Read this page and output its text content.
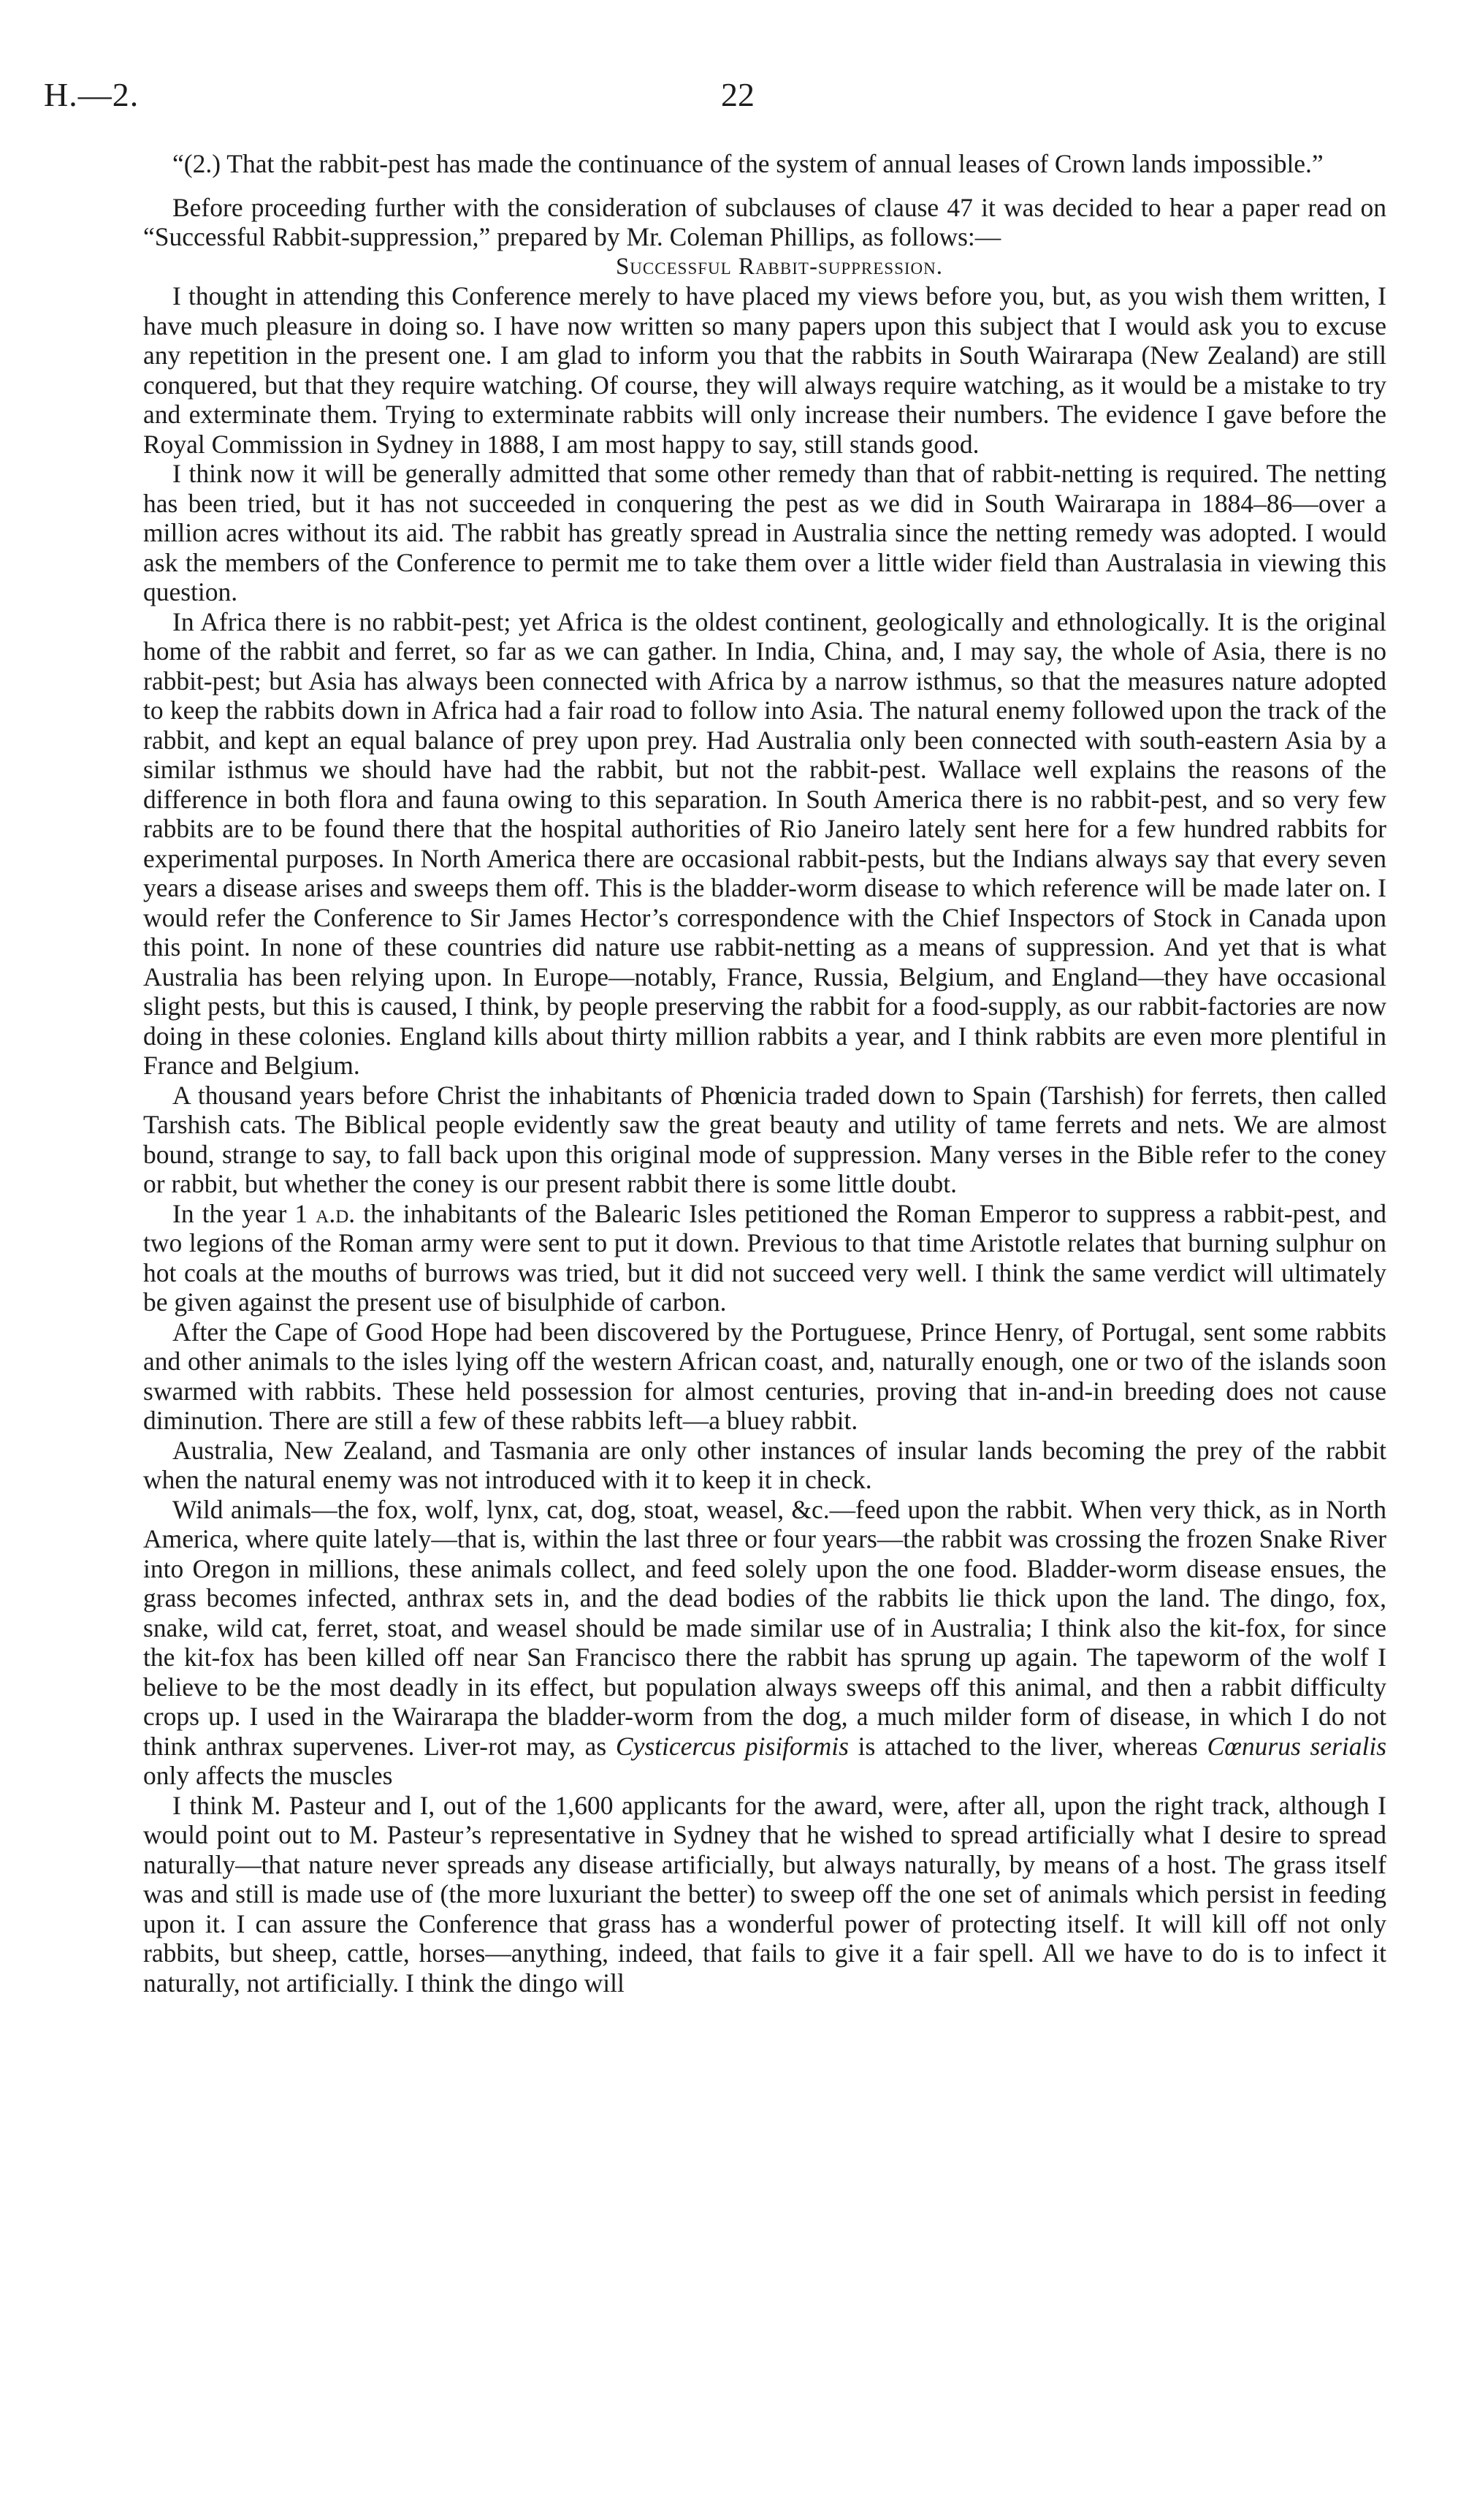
H.—2.	22

“(2.) That the rabbit-pest has made the continuance of the system of annual leases of Crown lands impossible.”

Before proceeding further with the consideration of subclauses of clause 47 it was decided to hear a paper read on “Successful Rabbit-suppression,” prepared by Mr. Coleman Phillips, as follows:—

Successful Rabbit-suppression.

I thought in attending this Conference merely to have placed my views before you, but, as you wish them written, I have much pleasure in doing so. I have now written so many papers upon this subject that I would ask you to excuse any repetition in the present one. I am glad to inform you that the rabbits in South Wairarapa (New Zealand) are still conquered, but that they require watching. Of course, they will always require watching, as it would be a mistake to try and exterminate them. Trying to exterminate rabbits will only increase their numbers. The evidence I gave before the Royal Commission in Sydney in 1888, I am most happy to say, still stands good.

I think now it will be generally admitted that some other remedy than that of rabbit-netting is required. The netting has been tried, but it has not succeeded in conquering the pest as we did in South Wairarapa in 1884–86—over a million acres without its aid. The rabbit has greatly spread in Australia since the netting remedy was adopted. I would ask the members of the Conference to permit me to take them over a little wider field than Australasia in viewing this question.

In Africa there is no rabbit-pest; yet Africa is the oldest continent, geologically and ethnologically. It is the original home of the rabbit and ferret, so far as we can gather. In India, China, and, I may say, the whole of Asia, there is no rabbit-pest; but Asia has always been connected with Africa by a narrow isthmus, so that the measures nature adopted to keep the rabbits down in Africa had a fair road to follow into Asia. The natural enemy followed upon the track of the rabbit, and kept an equal balance of prey upon prey. Had Australia only been connected with south-eastern Asia by a similar isthmus we should have had the rabbit, but not the rabbit-pest. Wallace well explains the reasons of the difference in both flora and fauna owing to this separation. In South America there is no rabbit-pest, and so very few rabbits are to be found there that the hospital authorities of Rio Janeiro lately sent here for a few hundred rabbits for experimental purposes. In North America there are occasional rabbit-pests, but the Indians always say that every seven years a disease arises and sweeps them off. This is the bladder-worm disease to which reference will be made later on. I would refer the Conference to Sir James Hector’s correspondence with the Chief Inspectors of Stock in Canada upon this point. In none of these countries did nature use rabbit-netting as a means of suppression. And yet that is what Australia has been relying upon. In Europe—notably, France, Russia, Belgium, and England—they have occasional slight pests, but this is caused, I think, by people preserving the rabbit for a food-supply, as our rabbit-factories are now doing in these colonies. England kills about thirty million rabbits a year, and I think rabbits are even more plentiful in France and Belgium.

A thousand years before Christ the inhabitants of Phœnicia traded down to Spain (Tarshish) for ferrets, then called Tarshish cats. The Biblical people evidently saw the great beauty and utility of tame ferrets and nets. We are almost bound, strange to say, to fall back upon this original mode of suppression. Many verses in the Bible refer to the coney or rabbit, but whether the coney is our present rabbit there is some little doubt.

In the year 1 a.d. the inhabitants of the Balearic Isles petitioned the Roman Emperor to suppress a rabbit-pest, and two legions of the Roman army were sent to put it down. Previous to that time Aristotle relates that burning sulphur on hot coals at the mouths of burrows was tried, but it did not succeed very well. I think the same verdict will ultimately be given against the present use of bisulphide of carbon.

After the Cape of Good Hope had been discovered by the Portuguese, Prince Henry, of Portugal, sent some rabbits and other animals to the isles lying off the western African coast, and, naturally enough, one or two of the islands soon swarmed with rabbits. These held possession for almost centuries, proving that in-and-in breeding does not cause diminution. There are still a few of these rabbits left—a bluey rabbit.

Australia, New Zealand, and Tasmania are only other instances of insular lands becoming the prey of the rabbit when the natural enemy was not introduced with it to keep it in check.

Wild animals—the fox, wolf, lynx, cat, dog, stoat, weasel, &c.—feed upon the rabbit. When very thick, as in North America, where quite lately—that is, within the last three or four years—the rabbit was crossing the frozen Snake River into Oregon in millions, these animals collect, and feed solely upon the one food. Bladder-worm disease ensues, the grass becomes infected, anthrax sets in, and the dead bodies of the rabbits lie thick upon the land. The dingo, fox, snake, wild cat, ferret, stoat, and weasel should be made similar use of in Australia; I think also the kit-fox, for since the kit-fox has been killed off near San Francisco there the rabbit has sprung up again. The tapeworm of the wolf I believe to be the most deadly in its effect, but population always sweeps off this animal, and then a rabbit difficulty crops up. I used in the Wairarapa the bladder-worm from the dog, a much milder form of disease, in which I do not think anthrax supervenes. Liver-rot may, as Cysticercus pisiformis is attached to the liver, whereas Cœnurus serialis only affects the muscles

I think M. Pasteur and I, out of the 1,600 applicants for the award, were, after all, upon the right track, although I would point out to M. Pasteur’s representative in Sydney that he wished to spread artificially what I desire to spread naturally—that nature never spreads any disease artificially, but always naturally, by means of a host. The grass itself was and still is made use of (the more luxuriant the better) to sweep off the one set of animals which persist in feeding upon it. I can assure the Conference that grass has a wonderful power of protecting itself. It will kill off not only rabbits, but sheep, cattle, horses—anything, indeed, that fails to give it a fair spell. All we have to do is to infect it naturally, not artificially. I think the dingo will
